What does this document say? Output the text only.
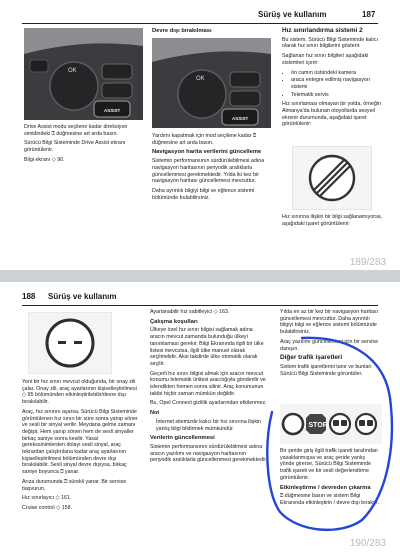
Sürüş ve kullanım	187
OK
ASSIST

Drive Assist modu seçilene kadar direksiyon simidindeki ⍰ düğmesine art arda basın.

Sürücü Bilgi Sisteminde Drive Assist ekranı görüntülenir.

Bilgi ekranı ◇ 90.

Devre dışı bırakılması
OK
ASSIST

Yardımı kapatmak için mod seçilene kadar ⍰ düğmesine art arda basın.

Navigasyon harita verilerini güncelleme

Sistemin performansının sürdürülebilmesi adına navigasyon haritasının periyodik aralıklarla güncellenmesi gerekmektedir. Yılda iki kez bir navigasyon haritası güncellemesi mevcuttur.

Daha ayrıntılı bilgiyi bilgi ve eğlence sistemi bölümünde bulabilirsiniz.

Hız sınırlandırma sistemi 2

Bu sistem, Sürücü Bilgi Sisteminde kalıcı olarak hız sınırı bilgilerini gösterir.

Sağlanan hız sınırı bilgileri aşağıdaki sistemleri içerir:

• ön camın üstündeki kamera
• araca entegre edilmiş navigasyon sistemi
• Telematik servis

Hız sınırlaması olmayan bir yolda, örneğin Almanya'da bulunan otoyollarda sesyeil ekrenir durumunda, aşağıdaki işaret görüntülenir:

Hız sınırına ilişkin bir bilgi sağlanamıyorsa, aşağıdaki işaret görüntülenir:

189/283
188 Sürüş ve kullanım

Yeni bir hız sınırı mevcut olduğunda, bir onay zili çalar. Onay zili, araç ayarlarının kişiselleştirilmesi ◇ 95 bölümünden etkinleştirilebilir/devre dışı bırakılabilir.

Araç, hız sınırını aşarsa, Sürücü Bilgi Sisteminde görüntülenen hız sınırı bir süre sonra yanıp söner ve sesli bir sinyal verilir. Meydana gelme zamanı değişir. Hem yanıp sönen hem de sesli sinyaller birkaç saniye sonra kesilir. Yasal gerekssinimlerden dolayı sesli sinyal, araç tekrardan çalıştırılana kadar araç ayarlarının kişiselleştirilmesi bölümünden devre dışı bırakılabilir. Sesli sinyal devre dışıysa, birkaç saniye boyunca ⍰ yanar.

Arıza durumunda ⍰ sürekli yanar. Bir servise başvurun.

Hız sınırlayıcı ◇ 161.

Cruise control ◇ 158.

Ayarlanabilir hız sabitleyici ◇ 163.

Çalışma koşulları

Ülkeye özel hız sınırı bilgisi sağlamak adına aracın mevcut zamanda bulunduğu ülkeyi tanımlaması gerekir. Bilgi Ekranında ilgili bir ülke listesi mevcutsa, ilgili ülke manuel olarak seçilmelidir. Aksi takdirde ülke otomatik olarak seçilir.

Geçerli hız sınırı bilgisi almak için aracın mevcut konumu telematik ünitesi aracılığıyla gönderilir ve islendikten hemen sonra silinir. Araç konumunun takibi hiçbir zaman mümkün değildir.

Bu, Opel Connect gizlilik ayarlarından etkilenmez.

Not

İnternet sitemizde kalıcı bir hız sınırına ilişkin yanlış bilgi bildirmek mümkündür.

Verilerin güncellenmesi

Sistemin performansının sürdürülebilmesi adına aracın yazılımı ve navigasyon haritasının periyodik aralıklarla güncellenmesi gerekmektedir.

Yılda en az bir kez bir navigasyon haritası güncellemesi mevcuttur. Daha ayrıntılı bilgiyi bilgi ve eğlence sistemi bölümünde bulabilirsiniz.

Araç yazılımı güncellemesi için bir servise danışın.

Diğer trafik işaretleri

Sistem trafik işaretlerini tanır ve bunları Sürücü Bilgi Sisteminde görüntüler.

STOP

Bir şeride giriş ilgili trafik işareti tarafından yasaklanmışsa ve araç şeride yanlış yönde girerse, Sürücü Bilgi Sisteminde trafik işareti ve bir sesli değerlendirme görüntülenir.

Etkinleştirme / devreden çıkarma

⍰ düğmesine basın ve sistem Bilgi Ekranında etkinleştirin / devre dışı bırakın.

190/283
